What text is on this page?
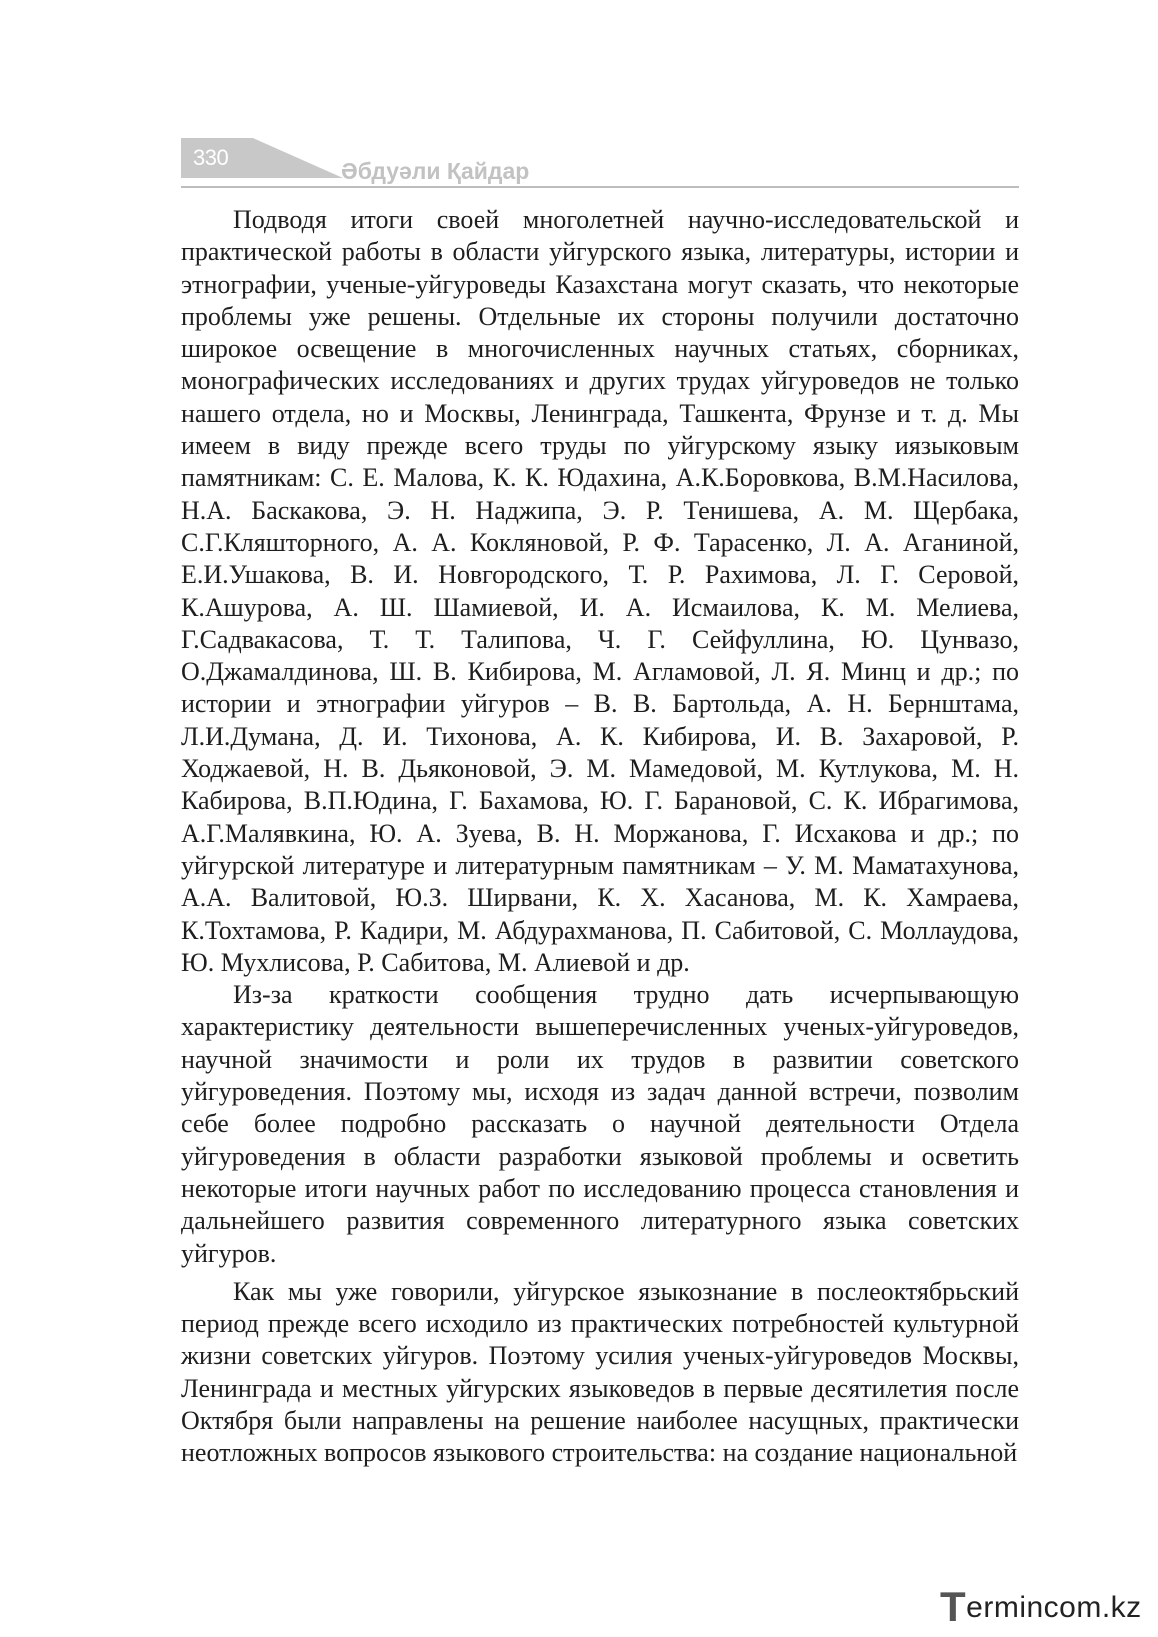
330
Әбдуәли Қайдар

Подводя итоги своей многолетней научно-исследовательской и практической работы в области уйгурского языка, литературы, истории и этнографии, ученые-уйгуроведы Казахстана могут сказать, что некоторые проблемы уже решены. Отдельные их стороны получили достаточно широкое освещение в многочисленных научных статьях, сборниках, монографических исследованиях и других трудах уйгуроведов не только нашего отдела, но и Москвы, Ленинграда, Ташкента, Фрунзе и т. д. Мы имеем в виду прежде всего труды по уйгурскому языку иязыковым памятникам: С. Е. Малова, К. К. Юдахина, А.К.Боровкова, В.М.Насилова, Н.А. Баскакова, Э. Н. Наджипа, Э. Р. Тенишева, А. М. Щербака, С.Г.Кляшторного, А. А. Кокляновой, Р. Ф. Тарасенко, Л. А. Аганиной, Е.И.Ушакова, В. И. Новгородского, Т. Р. Рахимова, Л. Г. Серовой, К.Ашурова, А. Ш. Шамиевой, И. А. Исмаилова, К. М. Мелиева, Г.Садвакасова, Т. Т. Талипова, Ч. Г. Сейфуллина, Ю. Цунвазо, О.Джамалдинова, Ш. В. Кибирова, М. Агламовой, Л. Я. Минц и др.; по истории и этнографии уйгуров – В. В. Бартольда, А. Н. Бернштама, Л.И.Думана, Д. И. Тихонова, А. К. Кибирова, И. В. Захаровой, Р. Ходжаевой, Н. В. Дьяконовой, Э. М. Мамедовой, М. Кутлукова, М. Н. Кабирова, В.П.Юдина, Г. Бахамова, Ю. Г. Барановой, С. К. Ибрагимова, А.Г.Малявкина, Ю. А. Зуева, В. Н. Моржанова, Г. Исхакова и др.; по уйгурской литературе и литературным памятникам – У. М. Маматахунова, А.А. Валитовой, Ю.З. Ширвани, К. Х. Хасанова, М. К. Хамраева, К.Тохтамова, Р. Кадири, М. Абдурахманова, П. Сабитовой, С. Моллаудова, Ю. Мухлисова, Р. Сабитова, М. Алиевой и др.

Из-за краткости сообщения трудно дать исчерпывающую характеристику деятельности вышеперечисленных ученых-уйгуроведов, научной значимости и роли их трудов в развитии советского уйгуроведения. Поэтому мы, исходя из задач данной встречи, позволим себе более подробно рассказать о научной деятельности Отдела уйгуроведения в области разработки языковой проблемы и осветить некоторые итоги научных работ по исследованию процесса становления и дальнейшего развития современного литературного языка советских уйгуров.

Как мы уже говорили, уйгурское языкознание в послеоктябрьский период прежде всего исходило из практических потребностей культурной жизни советских уйгуров. Поэтому усилия ученых-уйгуроведов Москвы, Ленинграда и местных уйгурских языковедов в первые десятилетия после Октября были направлены на решение наиболее насущных, практически неотложных вопросов языкового строительства: на создание национальной

Termincom.kz
